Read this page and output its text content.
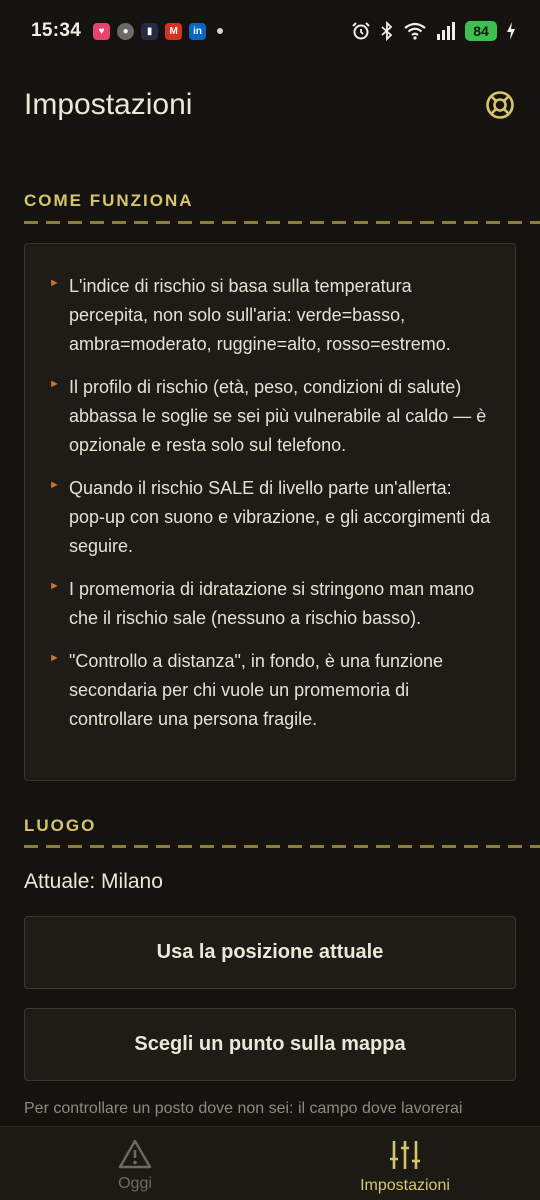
15:34	♥	●	▮	M	in	84
Impostazioni
COME FUNZIONA
► L'indice di rischio si basa sulla temperatura percepita, non solo sull'aria: verde=basso, ambra=moderato, ruggine=alto, rosso=estremo.

► Il profilo di rischio (età, peso, condizioni di salute) abbassa le soglie se sei più vulnerabile al caldo — è opzionale e resta solo sul telefono.

► Quando il rischio SALE di livello parte un'allerta: pop-up con suono e vibrazione, e gli accorgimenti da seguire.

► I promemoria di idratazione si stringono man mano che il rischio sale (nessuno a rischio basso).

► "Controllo a distanza", in fondo, è una funzione secondaria per chi vuole un promemoria di controllare una persona fragile.

LUOGO
Attuale: Milano
Usa la posizione attuale
Scegli un punto sulla mappa
Per controllare un posto dove non sei: il campo dove lavorerai
Oggi	Impostazioni
